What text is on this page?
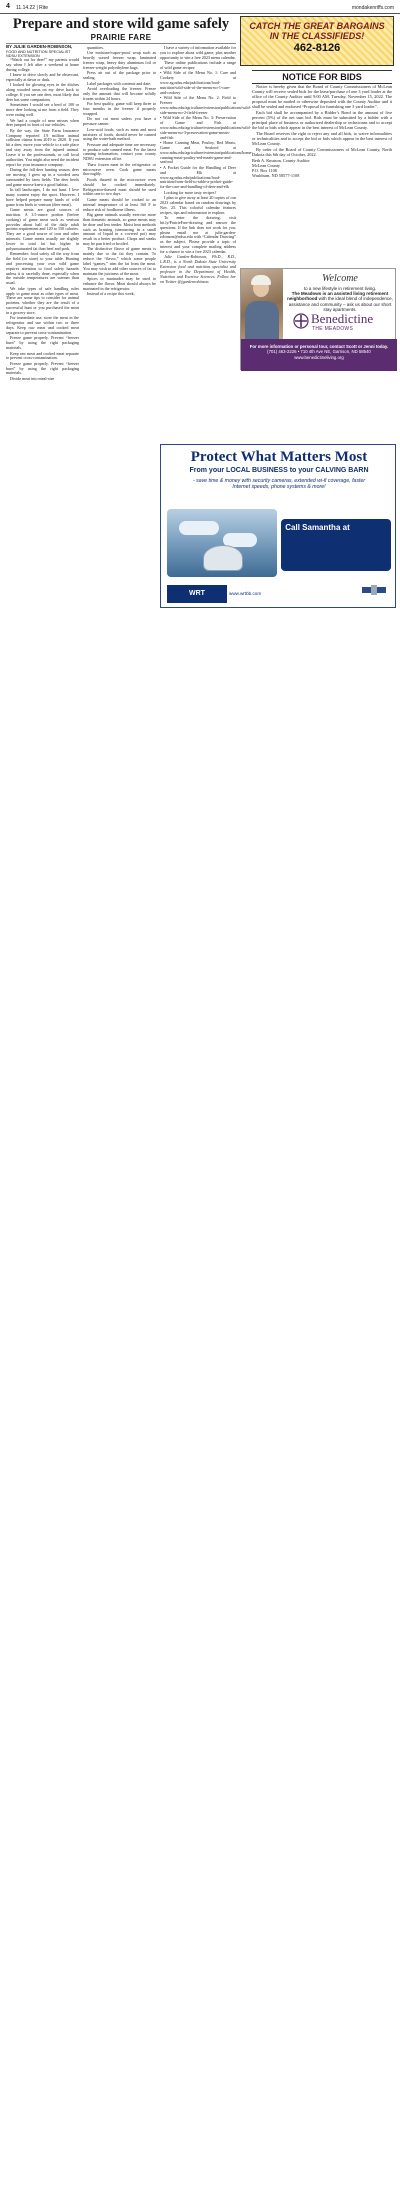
4 11.14.22 | Rite	mondakenriffs.com
Prepare and store wild game safely
PRAIRIE FARE
BY JULIE GARDEN-ROBINSON,
FOOD AND NUTRITION SPECIALIST
NDSU EXTENSION

“Watch out for deer!” my parents would say when I left after a weekend at home during college.

I knew to drive slowly and be observant, especially at dawn or dusk.

I looked for glowing eyes in the ditches along wooded areas on my drive back to college. If you see one deer, most likely that deer has some companions.

Sometimes I would see a herd of 100 or more deer looking at me from a field. They were eating well.

We had a couple of near misses when deer jumped in front of our vehicles.

By the way, the State Farm Insurance Company reported 1.9 million animal collision claims from 2019 to 2020. If you hit a deer, move your vehicle to a safe place and stay away from the injured animal. Leave it to the professionals, or call local authorities. You might also need the incident report for your insurance company.

During the fall deer hunting season, deer are moving. I grew up in a wooded area surrounded by farm fields. The deer herds and game moose knew a good habitat.

In fall landscapes, I do not hunt. I love many women enjoy the sport. However, I have helped prepare many kinds of wild game from birds to venison (deer meat).

Game meats are good sources of nutrition. A 3.5-ounce portion (before cooking) of game meat such as venison provides about half of the daily adult protein requirement and 120 to 150 calories. They are a good source of iron and other minerals. Game meats usually are slightly lower in total fat but higher in polyunsaturated fat than beef and pork.

Remember: food safety all the way from the field (or store) to your table. Hunting and processing your own wild game requires attention to food safety hazards unless it is carefully done, especially when the outside temperatures are warmer than usual.

We take types of safe handling rules apply to game meat as other types of meat. These are some tips to consider for animal proteins, whether they are the result of a successful hunt or you purchased the meat in a grocery store.

For immediate use, store the meat in the refrigerator and use within two or three days. Keep raw meat and cooked meat separate to prevent cross-contamination.

Freeze game properly. Prevent “freezer burn” by using the right packaging materials.

Keep raw meat and cooked meat separate to prevent cross-contamination.

Freeze game properly. Prevent “freezer burn” by using the right packaging materials.

Divide meat into meal-size

quantities.

Use moisture/vapor-proof wrap such as heavily waxed freezer wrap, laminated freezer wrap, heavy duty aluminum foil or freezer-weight polyethylene bags.

Press air out of the package prior to sealing.

Label packages with contents and date.

Avoid overloading the freezer. Freeze only the amount that will become solidly frozen within 24 hours.

For best quality, game will keep three to four months in the freezer if properly wrapped.

Do not cut meat unless you have a pressure canner.

Low-acid foods, such as meat and most mixtures of foods, should never be canned using the water-bath method.

Pressure and adequate time are necessary to produce safe canned meat. For the latest canning information, contact your county NDSU extension office.

Thaw frozen meat in the refrigerator or microwave oven. Cook game meats thoroughly.

Foods thawed in the microwave oven should be cooked immediately. Refrigerator-thawed meat should be used within one to two days.

Game meats should be cooked to an internal temperature of at least 160 F to reduce risk of foodborne illness.

Big game animals usually exercise more than domestic animals, so game meats may be drier and less tender. Moist heat methods such as braising (simmering in a small amount of liquid in a covered pot) may result in a better product. Chops and steaks may be pan fried or broiled.

The distinctive flavor of game meats is mainly due to the fat they contain. To reduce the “flavor,” which some people label “gamey,” trim the fat from the meat. You may wish to add other sources of fat to maintain the juiciness of the meat.

Spices or marinades may be used to enhance the flavor. Meat should always be marinated in the refrigerator.

Instead of a recipe this week,

I have a variety of information available for you to explore about wild game, plus another opportunity to win a free 2023 menu calendar.

These online publications include a range of wild game recipes:

• Wild Side of the Menu No. 1: Care and Cookery at www.ag.ndsu.edu/publications/food-nutrition/wild-side-of-the-menu-no-1-care-and-cookery

• Wild Side of the Menu No. 2: Field to Freezer at www.ndsu.edu/agriculture/extension/publications/wild-side-menu-no-2-field-freezer

• Wild Side of the Menu No. 3: Preservation of Game and Fish at www.ndsu.edu/agriculture/extension/publications/wild-side-menu-no-3-preservation-game-meats-and-fish

• Home Canning Meat, Poultry, Red Meats, Game and Seafood at www.ndsu.edu/agriculture/extension/publications/home-canning-meat-poultry-red-meats-game-and-seafood

• A Pocket Guide for the Handling of Deer and Elk at www.ag.ndsu.edu/publications/food-nutrition/from-field-to-table-a-pocket-guide-for-the-care-and-handling-of-deer-and-elk

Looking for more tasty recipes?

I plan to give away at least 20 copies of our 2023 calendar based on random drawings by Nov. 25. This colorful calendar features recipes, tips and information to explore.

To enter the drawing, visit bit.ly/PrairieFare-drawing and answer the questions. If the link does not work for you, please email me at julie.garden-robinson@ndsu.edu with “Calendar Drawing” as the subject. Please provide a topic of interest and your complete mailing address for a chance to win a free 2023 calendar.

Julie Garden-Robinson, Ph.D., R.D., L.R.D., is a North Dakota State University Extension food and nutrition specialist and professor in the Department of Health, Nutrition and Exercise Sciences. Follow her on Twitter @jgardenrobinson.

CATCH THE GREAT BARGAINS
IN THE CLASSIFIEDS!
462-8126
NOTICE FOR BIDS

Notice is hereby given that the Board of County Commissioners of McLean County will receive sealed bids for the lease/purchase of one 3 yard loader at the office of the County Auditor until 9:00 AM, Tuesday, November 15, 2022. The proposal must be mailed or otherwise deposited with the County Auditor and it shall be sealed and endorsed “Proposal for furnishing one 3 yard loader”.

Each bid shall be accompanied by a Bidder’s Bond in the amount of five percent (5%) of the net sum bid. Bids must be submitted by a bidder with a principal place of business or authorized dealership or technicians and to accept the bid or bids which appear in the best interest of McLean County.

The Board reserves the right to reject any and all bids, to waive informalities or technicalities and to accept the bid or bids which appear in the best interest of McLean County.

By order of the Board of County Commissioners of McLean County, North Dakota this 6th day of October, 2022.

Beth A. Knutson, County Auditor

McLean County

P.O. Box 1108

Washburn, ND 58577-1108

Welcome
to a new lifestyle in retirement living.
The Meadows is an assisted living retirement neighborhood with the ideal blend of independence, assistance and community – ask us about our short stay apartments.
Benedictine
THE MEADOWS
For more information or personal tour, contact Scott or Jenni today.
(701) 463-2226 • 710 4th Ave NE, Garrison, ND 58540
www.benedictineliving.org
Protect What Matters Most
From your LOCAL BUSINESS to your CALVING BARN
- save time & money with security cameras, extended wi-fi coverage, faster Internet speeds, phone systems & more!
Call Samantha at
701-748-2211
for a SITE VISIT & for FREE quote!
WRT	www.wrtbb.com
